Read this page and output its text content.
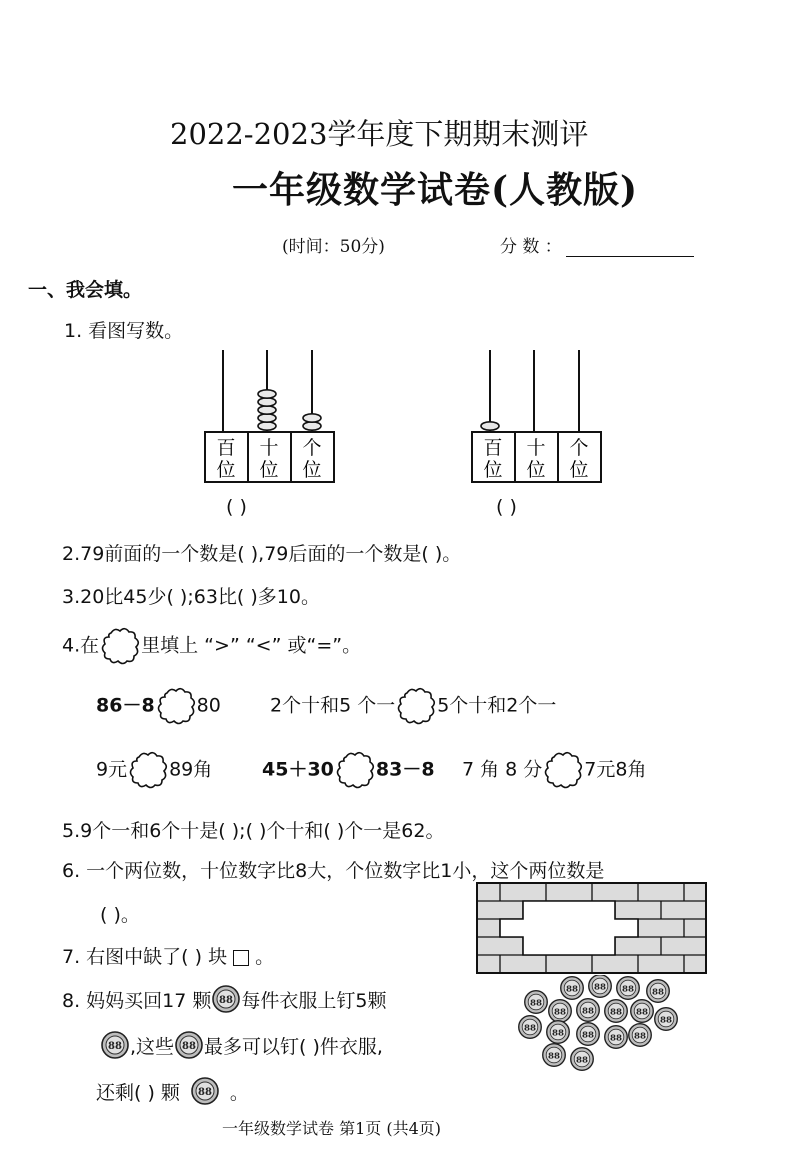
2022-2023学年度下期期末测评
一年级数学试卷(人教版)
(时间：50分)	分 数 ：
一、我会填。
1. 看图写数。
百
位
十
位
个
位
百
位
十
位
个
位
( )	( )
2.79前面的一个数是( ),79后面的一个数是( )。
3.20比45少( );63比( )多10。
4.在 里填上 “>” “<” 或“=”。
86－8 80	2个十和5 个一 5个十和2个一
9元 89角	45＋30 83－8 7 角 8 分 7元8角
5.9个一和6个十是( );( )个十和( )个一是62。
6. 一个两位数，十位数字比8大，个位数字比1小，这个两位数是
( )。
7. 右图中缺了( ) 块 。
8. 妈妈买回17 颗 每件衣服上钉5颗
,这些 最多可以钉( )件衣服,
还剩( ) 颗	。
一年级数学试卷 第1页 (共4页)
